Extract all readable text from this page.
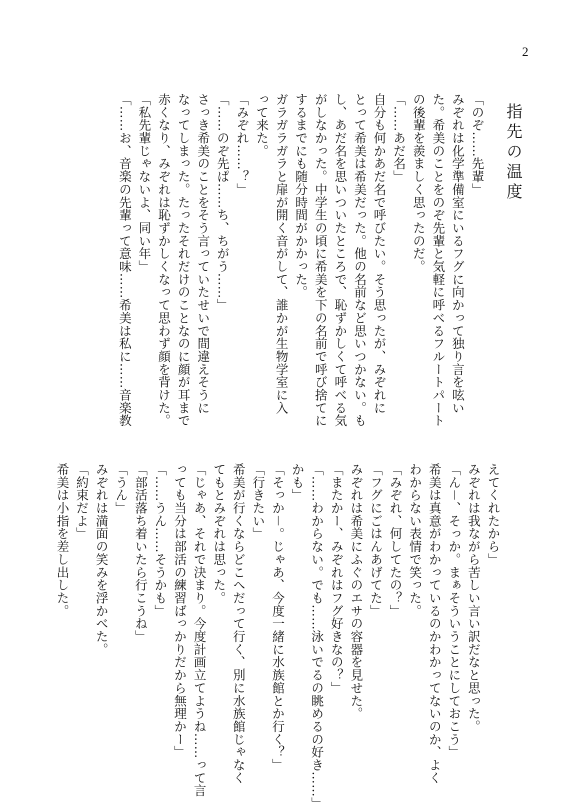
2
指先の温度

「のぞ……先輩」

みぞれは化学準備室にいるフグに向かって独り言を呟い

た。希美のことをのぞ先輩と気軽に呼べるフルートパート

の後輩を羨ましく思ったのだ。

「……あだ名」

自分も何かあだ名で呼びたい。そう思ったが、みぞれに

とって希美は希美だった。他の名前など思いつかない。も

し、あだ名を思いついたところで、恥ずかしくて呼べる気

がしなかった。中学生の頃に希美を下の名前で呼び捨てに

するまでにも随分時間がかかった。

ガラガラガラと扉が開く音がして、誰かが生物学室に入

って来た。

「みぞれ……？」

「……のぞ先ぱ……ち、ちがう……」

さっき希美のことをそう言っていたせいで間違えそうに

なってしまった。たったそれだけのことなのに顔が耳まで

赤くなり、みぞれは恥ずかしくなって思わず顔を背けた。

「私先輩じゃないよ、同い年」

「……お、音楽の先輩って意味……希美は私に……音楽教

えてくれたから」

みぞれは我ながら苦しい言い訳だなと思った。

「ん－、そっか。まぁそういうことにしておこう」

希美は真意がわかっているのかわかってないのか、よく

わからない表情で笑った。

「みぞれ、何してたの？」

「フグにごはんあげてた」

みぞれは希美にふぐのエサの容器を見せた。

「またかー、みぞれはフグ好きなの？」

「……わからない。でも……泳いでるの眺めるの好き……」

かも」

「そっか－。じゃあ、今度一緒に水族館とか行く？」

「行きたい」

希美が行くならどこへだって行く、別に水族館じゃなく

てもとみぞれは思った。

「じゃあ、それで決まり。今度計画立てようね……って言

っても当分は部活の練習ばっかりだから無理かー」

「……うん……そうかも」

「部活落ち着いたら行こうね」

「うん」

みぞれは満面の笑みを浮かべた。

「約束だよ」

希美は小指を差し出した。
